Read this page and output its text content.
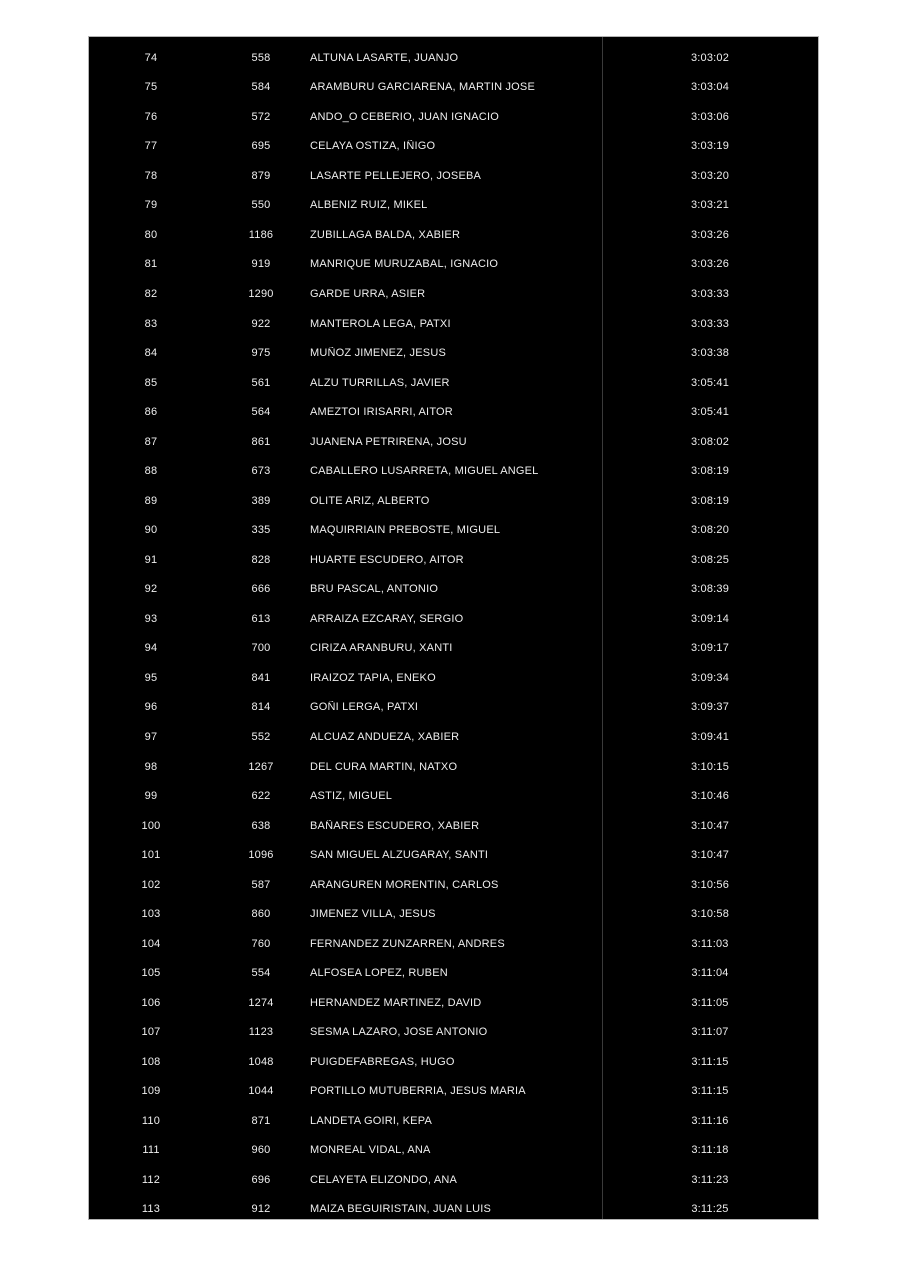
74	558	ALTUNA LASARTE, JUANJO	3:03:02
75	584	ARAMBURU GARCIARENA, MARTIN JOSE	3:03:04
76	572	ANDO_O CEBERIO, JUAN IGNACIO	3:03:06
77	695	CELAYA OSTIZA, IÑIGO	3:03:19
78	879	LASARTE PELLEJERO, JOSEBA	3:03:20
79	550	ALBENIZ RUIZ, MIKEL	3:03:21
80	1186	ZUBILLAGA BALDA, XABIER	3:03:26
81	919	MANRIQUE MURUZABAL, IGNACIO	3:03:26
82	1290	GARDE URRA, ASIER	3:03:33
83	922	MANTEROLA LEGA, PATXI	3:03:33
84	975	MUÑOZ JIMENEZ, JESUS	3:03:38
85	561	ALZU TURRILLAS, JAVIER	3:05:41
86	564	AMEZTOI IRISARRI, AITOR	3:05:41
87	861	JUANENA PETRIRENA, JOSU	3:08:02
88	673	CABALLERO LUSARRETA, MIGUEL ANGEL	3:08:19
89	389	OLITE ARIZ, ALBERTO	3:08:19
90	335	MAQUIRRIAIN PREBOSTE, MIGUEL	3:08:20
91	828	HUARTE ESCUDERO, AITOR	3:08:25
92	666	BRU PASCAL, ANTONIO	3:08:39
93	613	ARRAIZA EZCARAY, SERGIO	3:09:14
94	700	CIRIZA ARANBURU, XANTI	3:09:17
95	841	IRAIZOZ TAPIA, ENEKO	3:09:34
96	814	GOÑI LERGA, PATXI	3:09:37
97	552	ALCUAZ ANDUEZA, XABIER	3:09:41
98	1267	DEL CURA MARTIN, NATXO	3:10:15
99	622	ASTIZ, MIGUEL	3:10:46
100	638	BAÑARES ESCUDERO, XABIER	3:10:47
101	1096	SAN MIGUEL ALZUGARAY, SANTI	3:10:47
102	587	ARANGUREN MORENTIN, CARLOS	3:10:56
103	860	JIMENEZ VILLA, JESUS	3:10:58
104	760	FERNANDEZ ZUNZARREN, ANDRES	3:11:03
105	554	ALFOSEA LOPEZ, RUBEN	3:11:04
106	1274	HERNANDEZ MARTINEZ, DAVID	3:11:05
107	1123	SESMA LAZARO, JOSE ANTONIO	3:11:07
108	1048	PUIGDEFABREGAS, HUGO	3:11:15
109	1044	PORTILLO MUTUBERRIA, JESUS MARIA	3:11:15
110	871	LANDETA GOIRI, KEPA	3:11:16
111	960	MONREAL VIDAL, ANA	3:11:18
112	696	CELAYETA ELIZONDO, ANA	3:11:23
113	912	MAIZA BEGUIRISTAIN, JUAN LUIS	3:11:25
